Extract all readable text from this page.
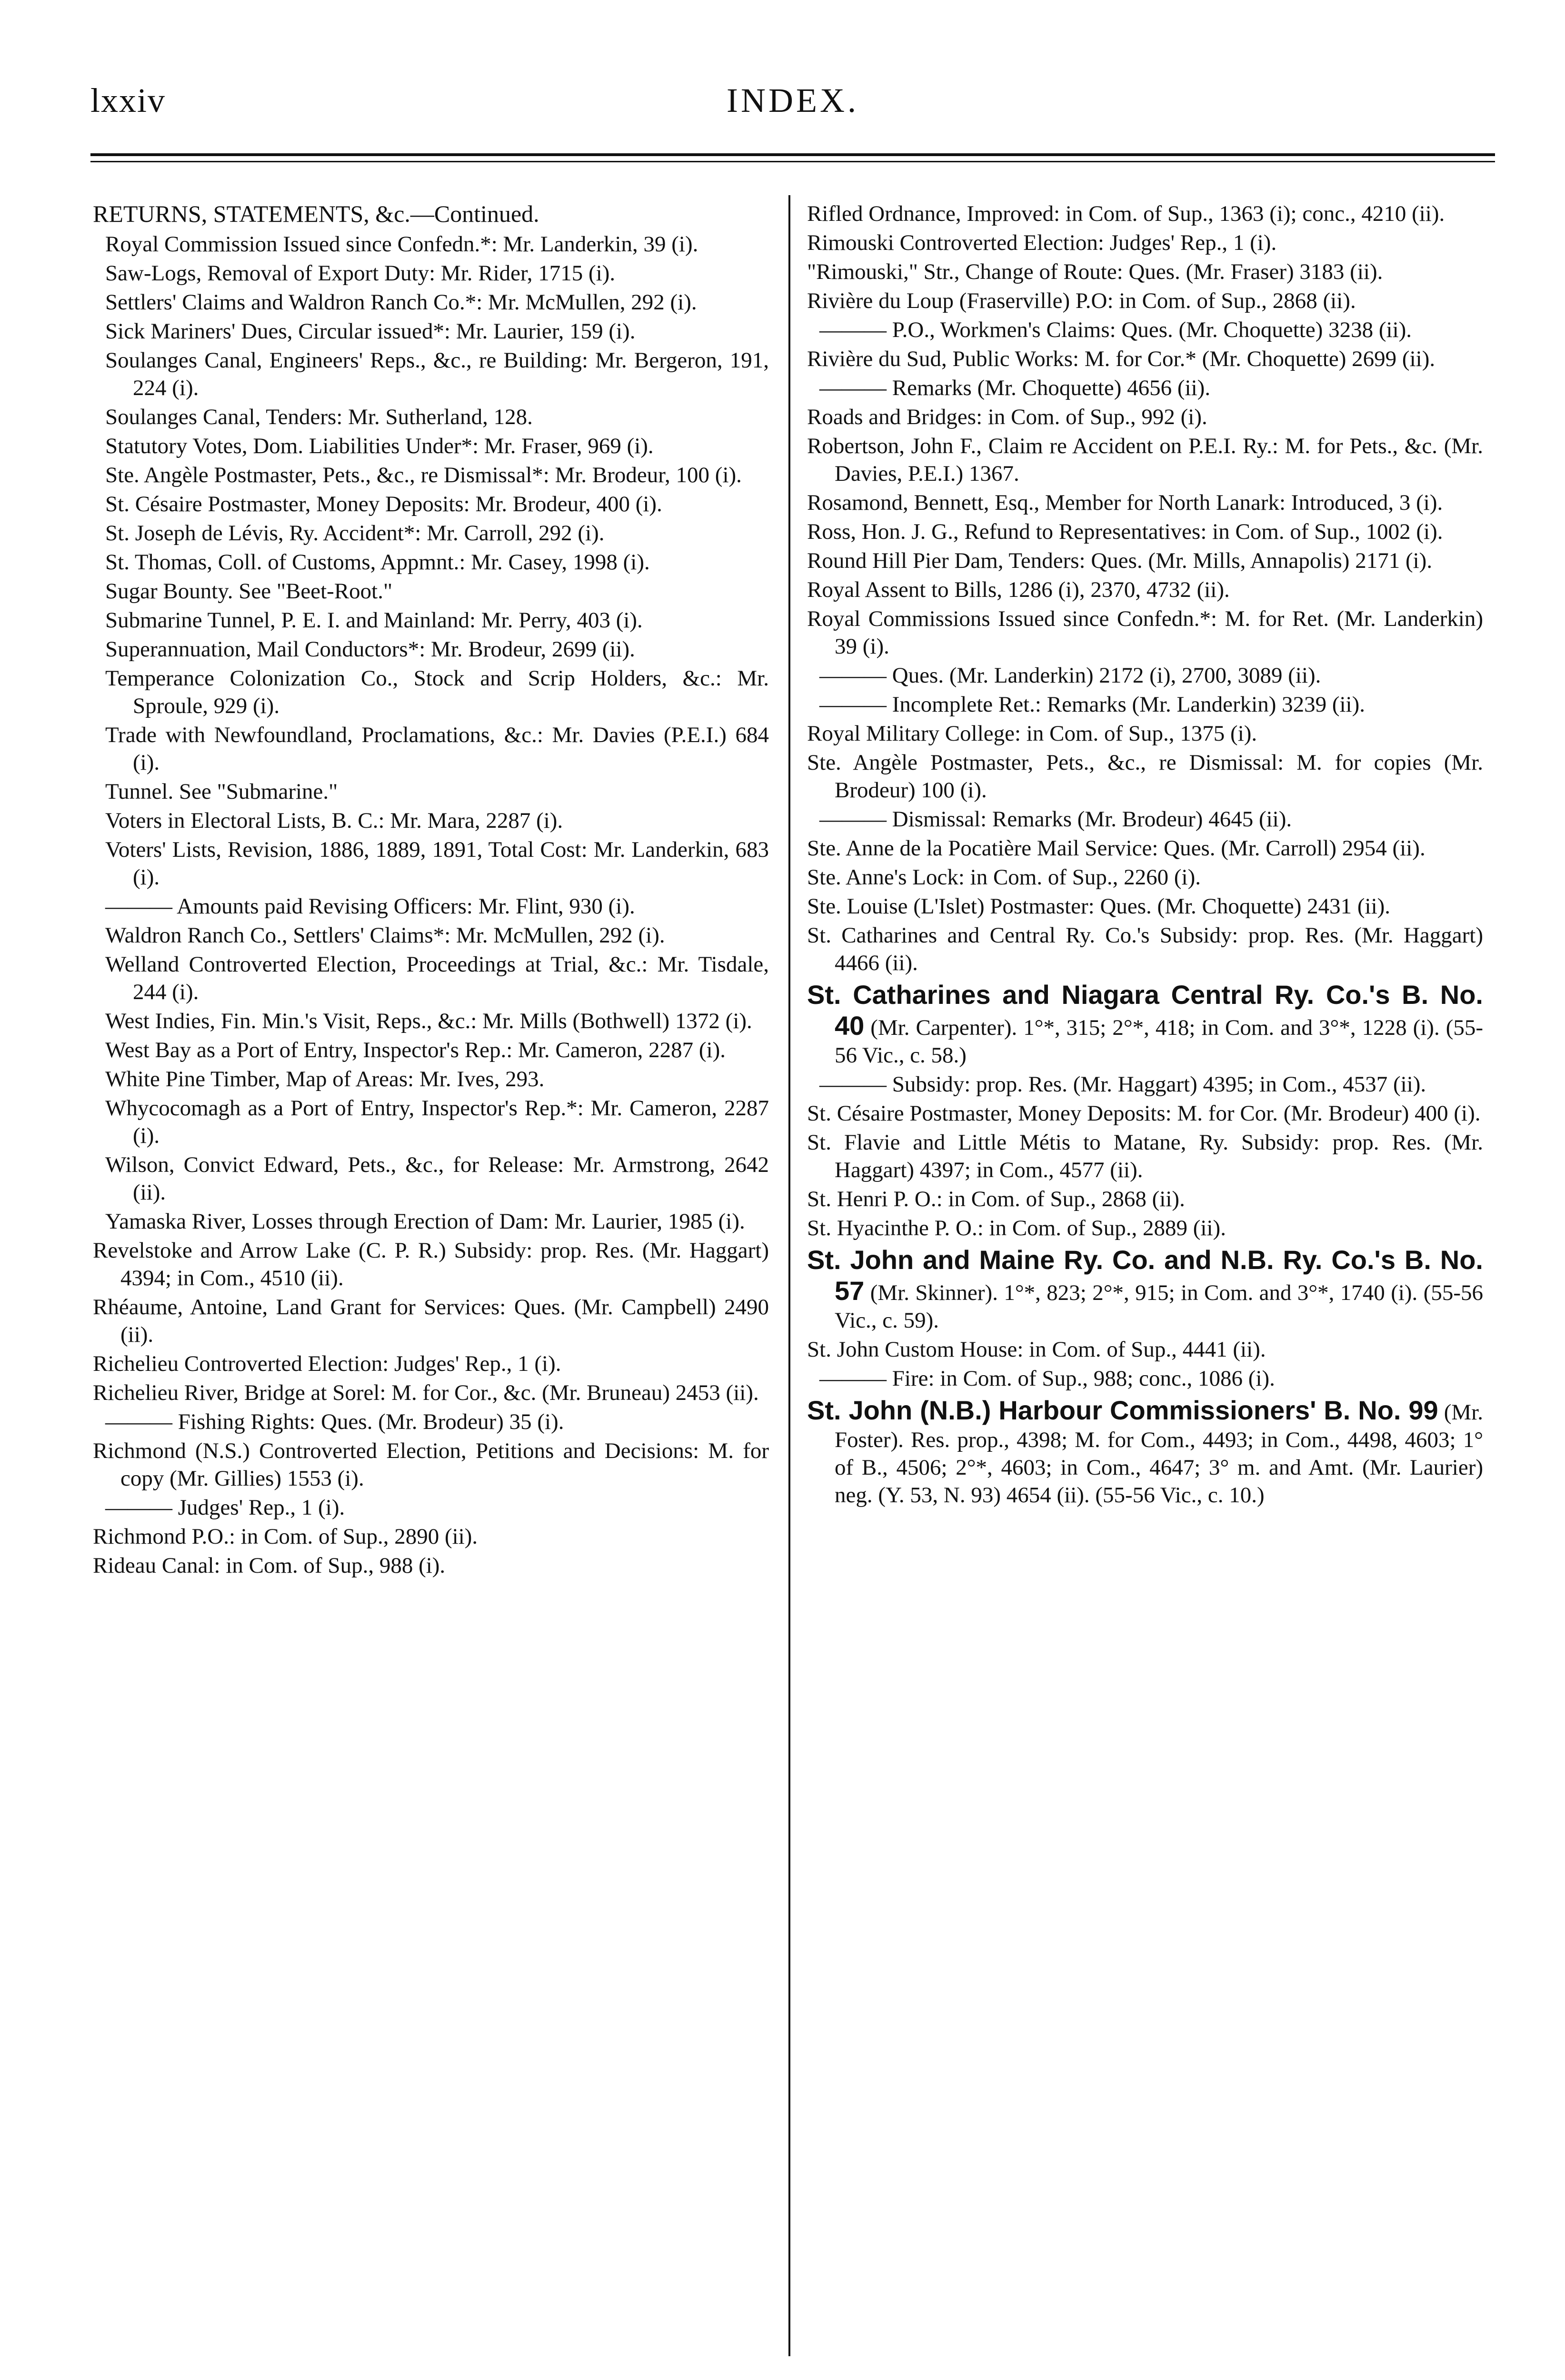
lxxiv	INDEX.

RETURNS, STATEMENTS, &c.—Continued.

Royal Commission Issued since Confedn.*: Mr. Landerkin, 39 (i).

Saw-Logs, Removal of Export Duty: Mr. Rider, 1715 (i).

Settlers' Claims and Waldron Ranch Co.*: Mr. McMullen, 292 (i).

Sick Mariners' Dues, Circular issued*: Mr. Laurier, 159 (i).

Soulanges Canal, Engineers' Reps., &c., re Building: Mr. Bergeron, 191, 224 (i).

Soulanges Canal, Tenders: Mr. Sutherland, 128.

Statutory Votes, Dom. Liabilities Under*: Mr. Fraser, 969 (i).

Ste. Angèle Postmaster, Pets., &c., re Dismissal*: Mr. Brodeur, 100 (i).

St. Césaire Postmaster, Money Deposits: Mr. Brodeur, 400 (i).

St. Joseph de Lévis, Ry. Accident*: Mr. Carroll, 292 (i).

St. Thomas, Coll. of Customs, Appmnt.: Mr. Casey, 1998 (i).

Sugar Bounty. See "Beet-Root."

Submarine Tunnel, P. E. I. and Mainland: Mr. Perry, 403 (i).

Superannuation, Mail Conductors*: Mr. Brodeur, 2699 (ii).

Temperance Colonization Co., Stock and Scrip Holders, &c.: Mr. Sproule, 929 (i).

Trade with Newfoundland, Proclamations, &c.: Mr. Davies (P.E.I.) 684 (i).

Tunnel. See "Submarine."

Voters in Electoral Lists, B. C.: Mr. Mara, 2287 (i).

Voters' Lists, Revision, 1886, 1889, 1891, Total Cost: Mr. Landerkin, 683 (i).

——— Amounts paid Revising Officers: Mr. Flint, 930 (i).

Waldron Ranch Co., Settlers' Claims*: Mr. McMullen, 292 (i).

Welland Controverted Election, Proceedings at Trial, &c.: Mr. Tisdale, 244 (i).

West Indies, Fin. Min.'s Visit, Reps., &c.: Mr. Mills (Bothwell) 1372 (i).

West Bay as a Port of Entry, Inspector's Rep.: Mr. Cameron, 2287 (i).

White Pine Timber, Map of Areas: Mr. Ives, 293.

Whycocomagh as a Port of Entry, Inspector's Rep.*: Mr. Cameron, 2287 (i).

Wilson, Convict Edward, Pets., &c., for Release: Mr. Armstrong, 2642 (ii).

Yamaska River, Losses through Erection of Dam: Mr. Laurier, 1985 (i).

Revelstoke and Arrow Lake (C. P. R.) Subsidy: prop. Res. (Mr. Haggart) 4394; in Com., 4510 (ii).

Rhéaume, Antoine, Land Grant for Services: Ques. (Mr. Campbell) 2490 (ii).

Richelieu Controverted Election: Judges' Rep., 1 (i).

Richelieu River, Bridge at Sorel: M. for Cor., &c. (Mr. Bruneau) 2453 (ii).

——— Fishing Rights: Ques. (Mr. Brodeur) 35 (i).

Richmond (N.S.) Controverted Election, Petitions and Decisions: M. for copy (Mr. Gillies) 1553 (i).

——— Judges' Rep., 1 (i).

Richmond P.O.: in Com. of Sup., 2890 (ii).

Rideau Canal: in Com. of Sup., 988 (i).

Rifled Ordnance, Improved: in Com. of Sup., 1363 (i); conc., 4210 (ii).

Rimouski Controverted Election: Judges' Rep., 1 (i).

"Rimouski," Str., Change of Route: Ques. (Mr. Fraser) 3183 (ii).

Rivière du Loup (Fraserville) P.O: in Com. of Sup., 2868 (ii).

——— P.O., Workmen's Claims: Ques. (Mr. Choquette) 3238 (ii).

Rivière du Sud, Public Works: M. for Cor.* (Mr. Choquette) 2699 (ii).

——— Remarks (Mr. Choquette) 4656 (ii).

Roads and Bridges: in Com. of Sup., 992 (i).

Robertson, John F., Claim re Accident on P.E.I. Ry.: M. for Pets., &c. (Mr. Davies, P.E.I.) 1367.

Rosamond, Bennett, Esq., Member for North Lanark: Introduced, 3 (i).

Ross, Hon. J. G., Refund to Representatives: in Com. of Sup., 1002 (i).

Round Hill Pier Dam, Tenders: Ques. (Mr. Mills, Annapolis) 2171 (i).

Royal Assent to Bills, 1286 (i), 2370, 4732 (ii).

Royal Commissions Issued since Confedn.*: M. for Ret. (Mr. Landerkin) 39 (i).

——— Ques. (Mr. Landerkin) 2172 (i), 2700, 3089 (ii).

——— Incomplete Ret.: Remarks (Mr. Landerkin) 3239 (ii).

Royal Military College: in Com. of Sup., 1375 (i).

Ste. Angèle Postmaster, Pets., &c., re Dismissal: M. for copies (Mr. Brodeur) 100 (i).

——— Dismissal: Remarks (Mr. Brodeur) 4645 (ii).

Ste. Anne de la Pocatière Mail Service: Ques. (Mr. Carroll) 2954 (ii).

Ste. Anne's Lock: in Com. of Sup., 2260 (i).

Ste. Louise (L'Islet) Postmaster: Ques. (Mr. Choquette) 2431 (ii).

St. Catharines and Central Ry. Co.'s Subsidy: prop. Res. (Mr. Haggart) 4466 (ii).

St. Catharines and Niagara Central Ry. Co.'s B. No. 40 (Mr. Carpenter). 1°*, 315; 2°*, 418; in Com. and 3°*, 1228 (i). (55-56 Vic., c. 58.)

——— Subsidy: prop. Res. (Mr. Haggart) 4395; in Com., 4537 (ii).

St. Césaire Postmaster, Money Deposits: M. for Cor. (Mr. Brodeur) 400 (i).

St. Flavie and Little Métis to Matane, Ry. Subsidy: prop. Res. (Mr. Haggart) 4397; in Com., 4577 (ii).

St. Henri P. O.: in Com. of Sup., 2868 (ii).

St. Hyacinthe P. O.: in Com. of Sup., 2889 (ii).

St. John and Maine Ry. Co. and N.B. Ry. Co.'s B. No. 57 (Mr. Skinner). 1°*, 823; 2°*, 915; in Com. and 3°*, 1740 (i). (55-56 Vic., c. 59).

St. John Custom House: in Com. of Sup., 4441 (ii).

——— Fire: in Com. of Sup., 988; conc., 1086 (i).

St. John (N.B.) Harbour Commissioners' B. No. 99 (Mr. Foster). Res. prop., 4398; M. for Com., 4493; in Com., 4498, 4603; 1° of B., 4506; 2°*, 4603; in Com., 4647; 3° m. and Amt. (Mr. Laurier) neg. (Y. 53, N. 93) 4654 (ii). (55-56 Vic., c. 10.)
